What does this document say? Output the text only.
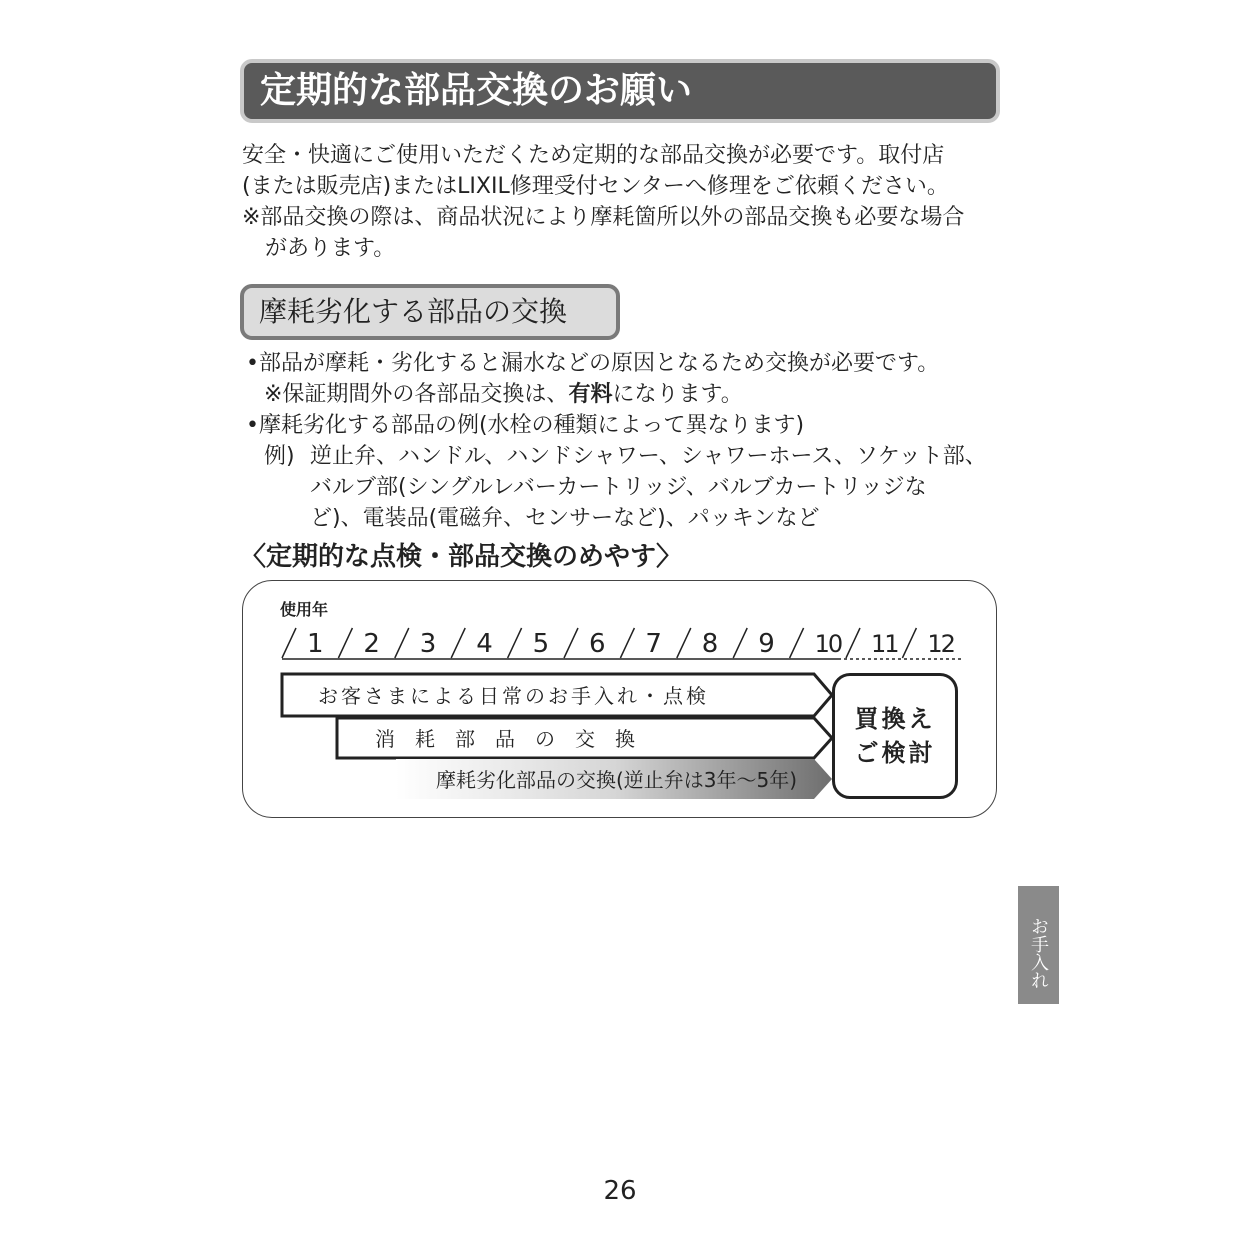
定期的な部品交換のお願い

安全・快適にご使用いただくため定期的な部品交換が必要です。取付店

(または販売店)またはLIXIL修理受付センターへ修理をご依頼ください。

※部品交換の際は、商品状況により摩耗箇所以外の部品交換も必要な場合

があります。

摩耗劣化する部品の交換

•部品が摩耗・劣化すると漏水などの原因となるため交換が必要です。

※保証期間外の各部品交換は、有料になります。

•摩耗劣化する部品の例(水栓の種類によって異なります)

例) 逆止弁、ハンドル、ハンドシャワー、シャワーホース、ソケット部、

バルブ部(シングルレバーカートリッジ、バルブカートリッジな

ど)、電装品(電磁弁、センサーなど)、パッキンなど

〈定期的な点検・部品交換のめやす〉
使用年
1 2 3 4 5 6 7 8 9 10 11 12
お客さまによる日常のお手入れ・点検
消　耗　部　品　の　交　換
摩耗劣化部品の交換(逆止弁は3年〜5年)
買換え
ご検討
お手入れ
26
